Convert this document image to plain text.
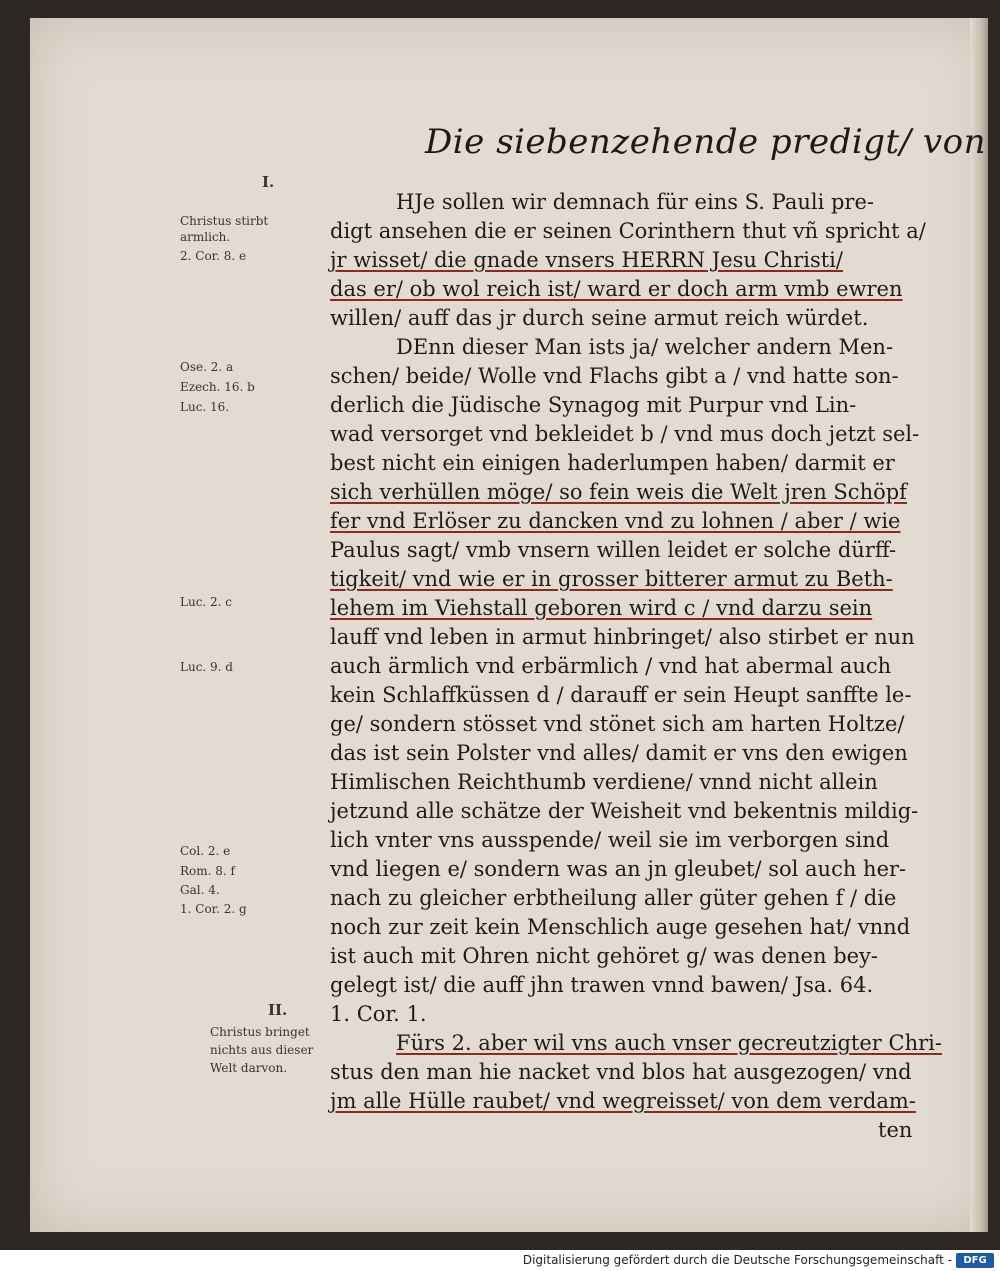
Die siebenzehende predigt/ von
I.
Christus stirbt
armlich.
2. Cor. 8. e
Ose. 2. a
Ezech. 16. b
Luc. 16.
Luc. 2. c
Luc. 9. d
Col. 2. e
Rom. 8. f
Gal. 4.
1. Cor. 2. g
II.
Christus bringet
nichts aus dieser
Welt darvon.
HJe sollen wir demnach für eins S. Pauli pre-
digt ansehen die er seinen Corinthern thut vñ spricht a/
jr wisset/ die gnade vnsers HERRN Jesu Christi/
das er/ ob wol reich ist/ ward er doch arm vmb ewren
willen/ auff das jr durch seine armut reich würdet.
DEnn dieser Man ists ja/ welcher andern Men-
schen/ beide/ Wolle vnd Flachs gibt a / vnd hatte son-
derlich die Jüdische Synagog mit Purpur vnd Lin-
wad versorget vnd bekleidet b / vnd mus doch jetzt sel-
best nicht ein einigen haderlumpen haben/ darmit er
sich verhüllen möge/ so fein weis die Welt jren Schöpf
fer vnd Erlöser zu dancken vnd zu lohnen / aber / wie
Paulus sagt/ vmb vnsern willen leidet er solche dürff-
tigkeit/ vnd wie er in grosser bitterer armut zu Beth-
lehem im Viehstall geboren wird c / vnd darzu sein
lauff vnd leben in armut hinbringet/ also stirbet er nun
auch ärmlich vnd erbärmlich / vnd hat abermal auch
kein Schlaffküssen d / darauff er sein Heupt sanffte le-
ge/ sondern stösset vnd stönet sich am harten Holtze/
das ist sein Polster vnd alles/ damit er vns den ewigen
Himlischen Reichthumb verdiene/ vnnd nicht allein
jetzund alle schätze der Weisheit vnd bekentnis mildig-
lich vnter vns ausspende/ weil sie im verborgen sind
vnd liegen e/ sondern was an jn gleubet/ sol auch her-
nach zu gleicher erbtheilung aller güter gehen f / die
noch zur zeit kein Menschlich auge gesehen hat/ vnnd
ist auch mit Ohren nicht gehöret g/ was denen bey-
gelegt ist/ die auff jhn trawen vnnd bawen/ Jsa. 64.
1. Cor. 1.
Fürs 2. aber wil vns auch vnser gecreutzigter Chri-
stus den man hie nacket vnd blos hat ausgezogen/ vnd
jm alle Hülle raubet/ vnd wegreisset/ von dem verdam-
ten
Digitalisierung gefördert durch die Deutsche Forschungsgemeinschaft -	DFG
